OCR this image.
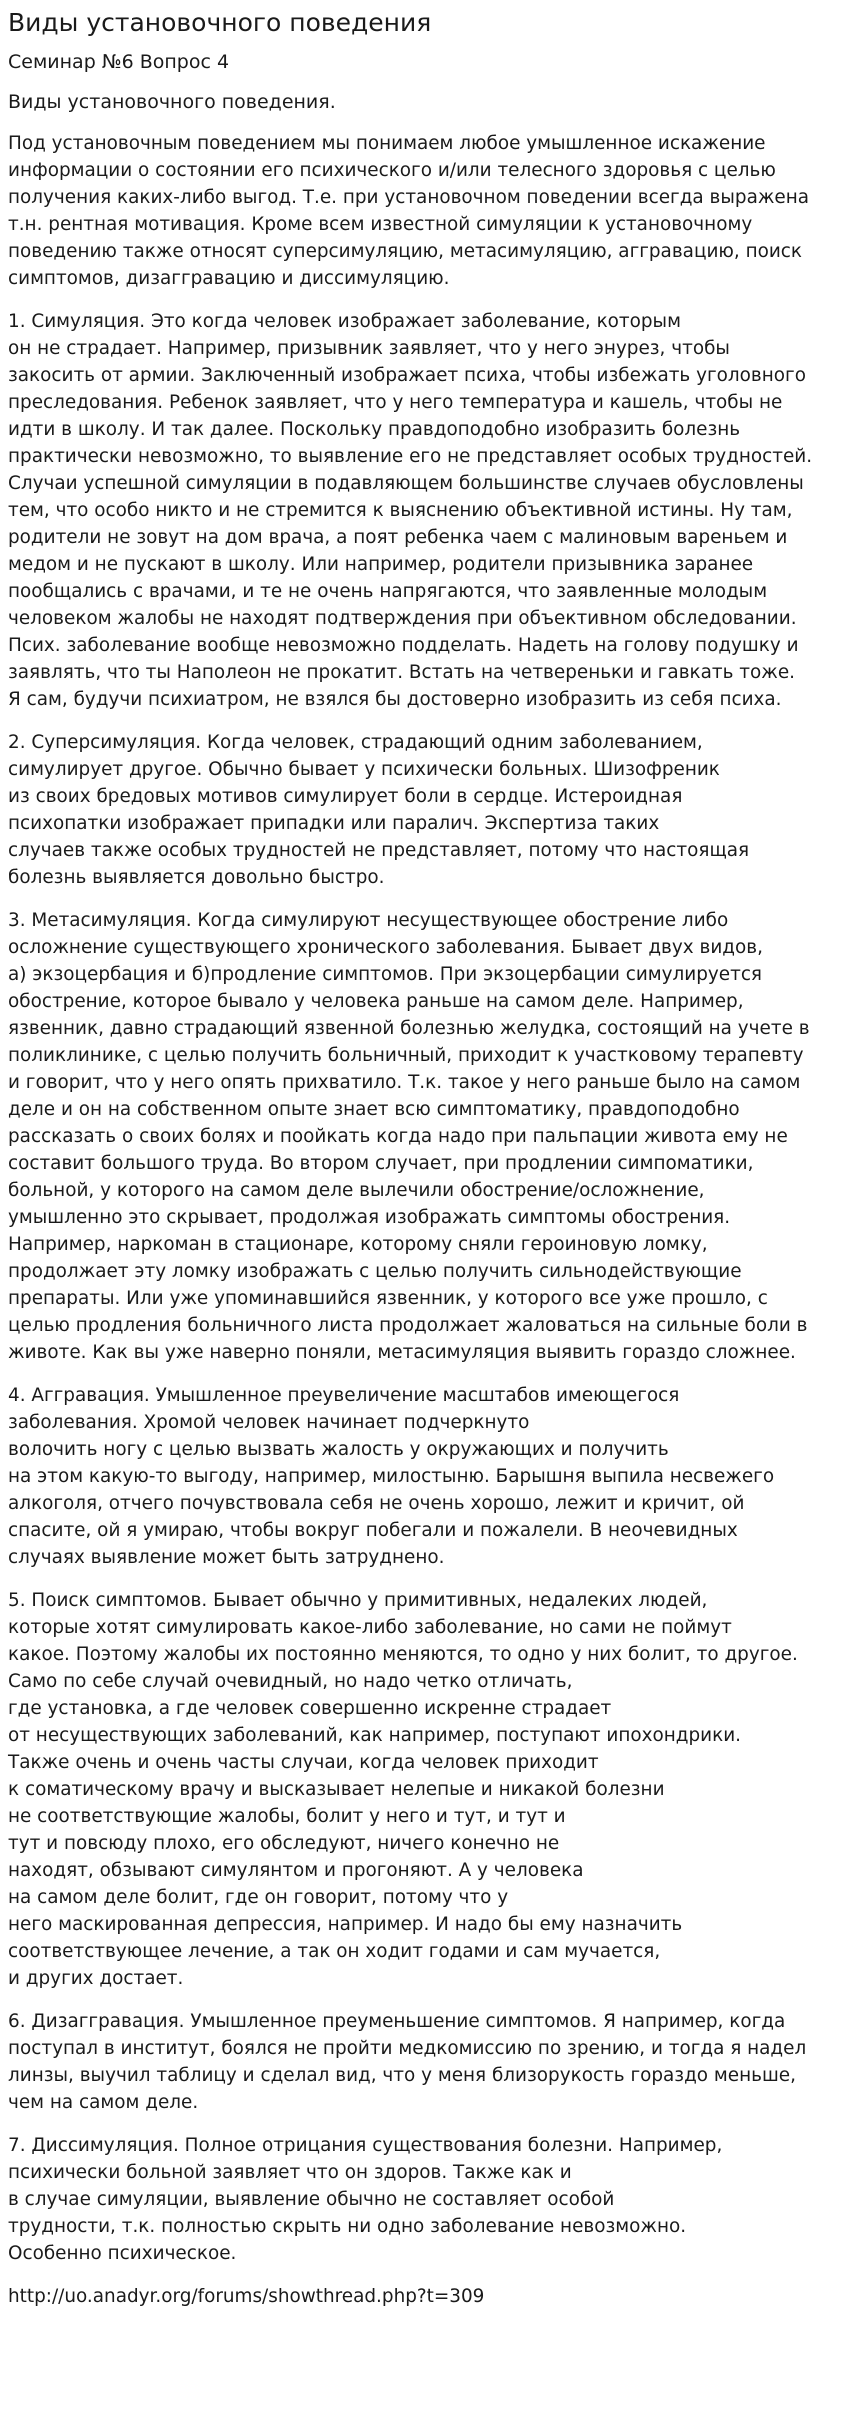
Виды установочного поведения
Семинар №6 Вопрос 4
Виды установочного поведения.

Под установочным поведением мы понимаем любое умышленное искажение
информации о состоянии его психического и/или телесного здоровья с целью
получения каких-либо выгод. Т.е. при установочном поведении всегда выражена
т.н. рентная мотивация. Кроме всем известной симуляции к установочному
поведению также относят суперсимуляцию, метасимуляцию, аггравацию, поиск
симптомов, дизаггравацию и диссимуляцию.

1. Симуляция. Это когда человек изображает заболевание, которым
он не страдает. Например, призывник заявляет, что у него энурез, чтобы
закосить от армии. Заключенный изображает психа, чтобы избежать уголовного
преследования. Ребенок заявляет, что у него температура и кашель, чтобы не
идти в школу. И так далее. Поскольку правдоподобно изобразить болезнь
практически невозможно, то выявление его не представляет особых трудностей.
Случаи успешной симуляции в подавляющем большинстве случаев обусловлены
тем, что особо никто и не стремится к выяснению объективной истины. Ну там,
родители не зовут на дом врача, а поят ребенка чаем с малиновым вареньем и
медом и не пускают в школу. Или например, родители призывника заранее
пообщались с врачами, и те не очень напрягаются, что заявленные молодым
человеком жалобы не находят подтверждения при объективном обследовании.
Псих. заболевание вообще невозможно подделать. Надеть на голову подушку и
заявлять, что ты Наполеон не прокатит. Встать на четвереньки и гавкать тоже.
Я сам, будучи психиатром, не взялся бы достоверно изобразить из себя психа.

2. Суперсимуляция. Когда человек, страдающий одним заболеванием,
симулирует другое. Обычно бывает у психически больных. Шизофреник
из своих бредовых мотивов симулирует боли в сердце. Истероидная
психопатки изображает припадки или паралич. Экспертиза таких
случаев также особых трудностей не представляет, потому что настоящая
болезнь выявляется довольно быстро.

3. Метасимуляция. Когда симулируют несуществующее обострение либо
осложнение существующего хронического заболевания. Бывает двух видов,
а) экзоцербация и б)продление симптомов. При экзоцербации симулируется
обострение, которое бывало у человека раньше на самом деле. Например,
язвенник, давно страдающий язвенной болезнью желудка, состоящий на учете в
поликлинике, с целью получить больничный, приходит к участковому терапевту
и говорит, что у него опять прихватило. Т.к. такое у него раньше было на самом
деле и он на собственном опыте знает всю симптоматику, правдоподобно
рассказать о своих болях и поойкать когда надо при пальпации живота ему не
составит большого труда. Во втором случает, при продлении симпоматики,
больной, у которого на самом деле вылечили обострение/осложнение,
умышленно это скрывает, продолжая изображать симптомы обострения.
Например, наркоман в стационаре, которому сняли героиновую ломку,
продолжает эту ломку изображать с целью получить сильнодействующие
препараты. Или уже упоминавшийся язвенник, у которого все уже прошло, с
целью продления больничного листа продолжает жаловаться на сильные боли в
животе. Как вы уже наверно поняли, метасимуляция выявить гораздо сложнее.

4. Аггравация. Умышленное преувеличение масштабов имеющегося
заболевания. Хромой человек начинает подчеркнуто
волочить ногу с целью вызвать жалость у окружающих и получить
на этом какую-то выгоду, например, милостыню. Барышня выпила несвежего
алкоголя, отчего почувствовала себя не очень хорошо, лежит и кричит, ой
спасите, ой я умираю, чтобы вокруг побегали и пожалели. В неочевидных
случаях выявление может быть затруднено.

5. Поиск симптомов. Бывает обычно у примитивных, недалеких людей,
которые хотят симулировать какое-либо заболевание, но сами не поймут
какое. Поэтому жалобы их постоянно меняются, то одно у них болит, то другое.
Само по себе случай очевидный, но надо четко отличать,
где установка, а где человек совершенно искренне страдает
от несуществующих заболеваний, как например, поступают ипохондрики.
Также очень и очень часты случаи, когда человек приходит
к соматическому врачу и высказывает нелепые и никакой болезни
не соответствующие жалобы, болит у него и тут, и тут и
тут и повсюду плохо, его обследуют, ничего конечно не
находят, обзывают симулянтом и прогоняют. А у человека
на самом деле болит, где он говорит, потому что у
него маскированная депрессия, например. И надо бы ему назначить
соответствующее лечение, а так он ходит годами и сам мучается,
и других достает.

6. Дизаггравация. Умышленное преуменьшение симптомов. Я например, когда
поступал в институт, боялся не пройти медкомиссию по зрению, и тогда я надел
линзы, выучил таблицу и сделал вид, что у меня близорукость гораздо меньше,
чем на самом деле.

7. Диссимуляция. Полное отрицания существования болезни. Например,
психически больной заявляет что он здоров. Также как и
в случае симуляции, выявление обычно не составляет особой
трудности, т.к. полностью скрыть ни одно заболевание невозможно.
Особенно психическое.

http://uo.anadyr.org/forums/showthread.php?t=309
